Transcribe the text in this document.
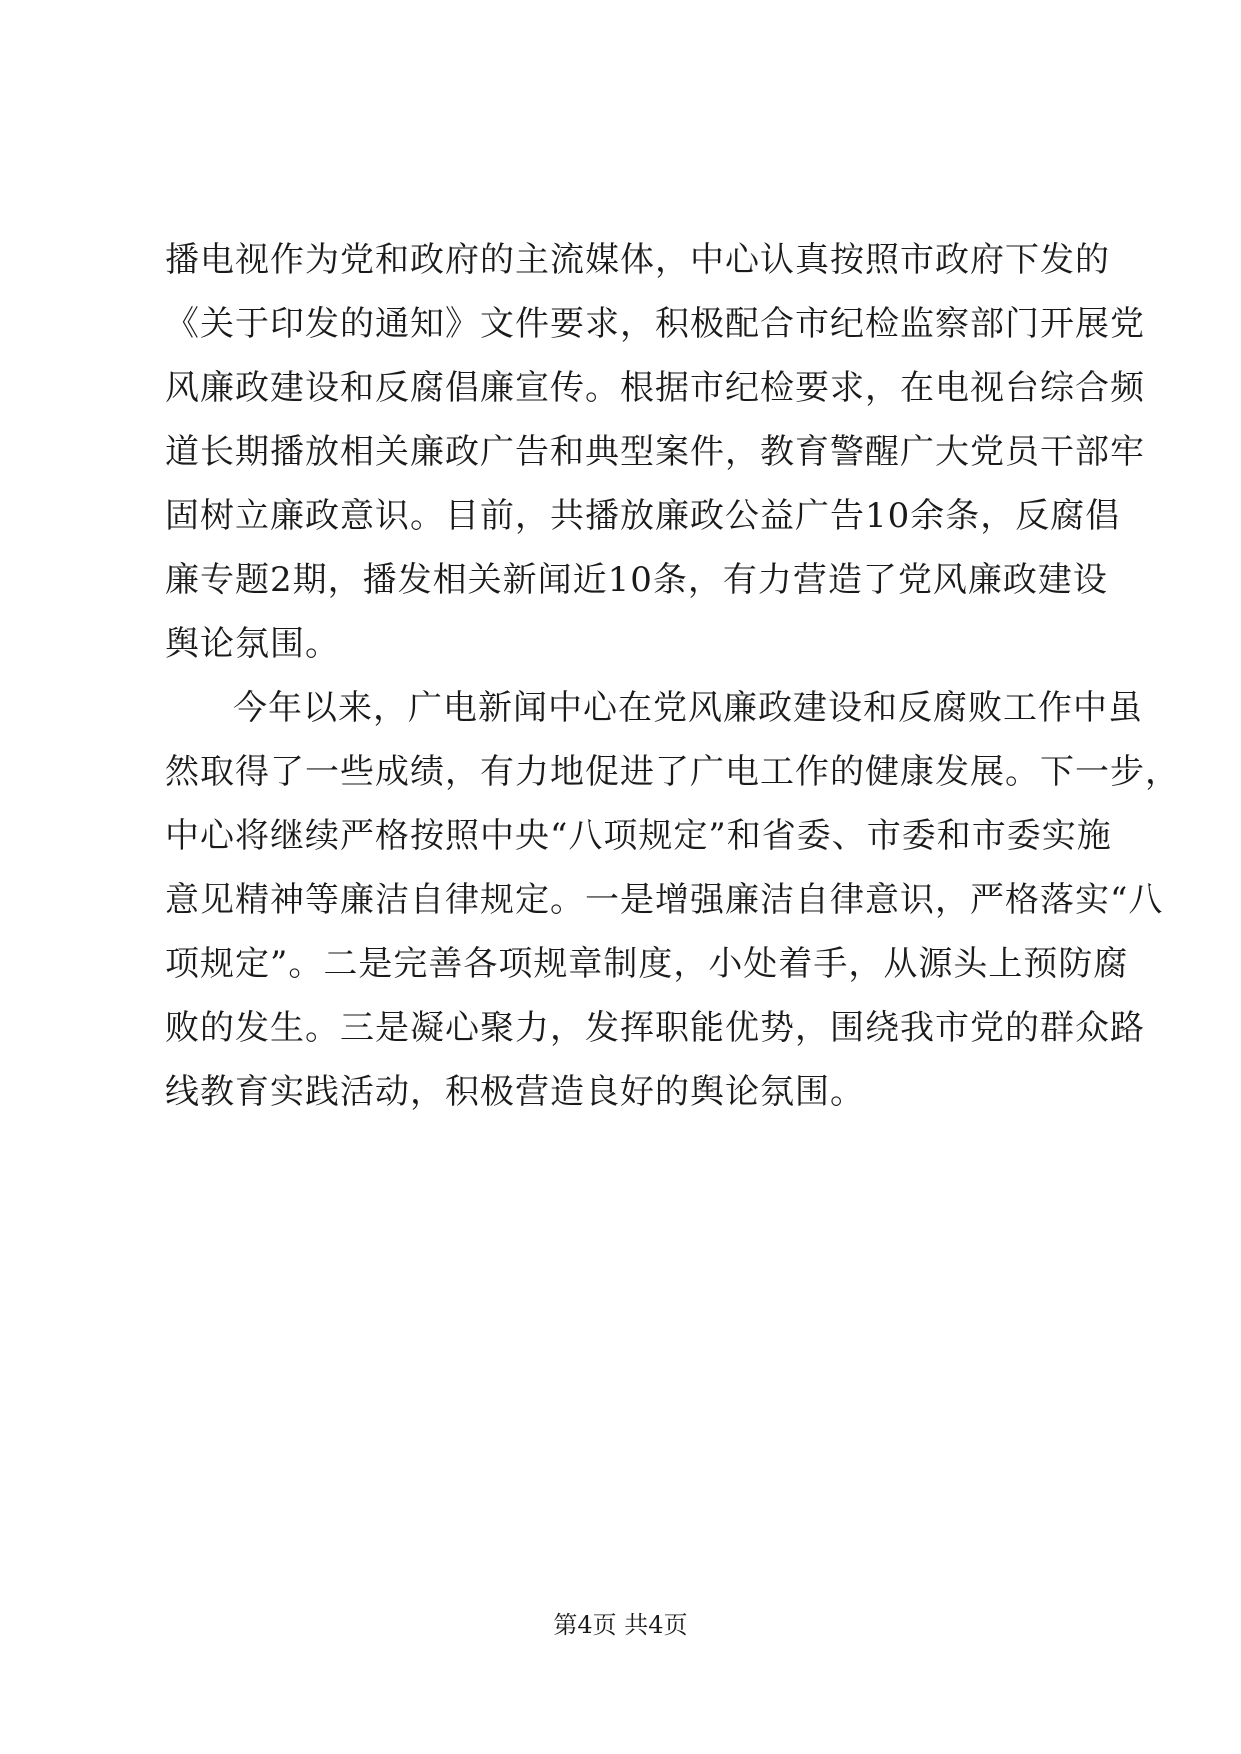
播电视作为党和政府的主流媒体，中心认真按照市政府下发的
《关于印发的通知》文件要求，积极配合市纪检监察部门开展党
风廉政建设和反腐倡廉宣传。根据市纪检要求，在电视台综合频
道长期播放相关廉政广告和典型案件，教育警醒广大党员干部牢
固树立廉政意识。目前，共播放廉政公益广告10余条，反腐倡
廉专题2期，播发相关新闻近10条，有力营造了党风廉政建设
舆论氛围。
今年以来，广电新闻中心在党风廉政建设和反腐败工作中虽
然取得了一些成绩，有力地促进了广电工作的健康发展。下一步，
中心将继续严格按照中央“八项规定”和省委、市委和市委实施
意见精神等廉洁自律规定。一是增强廉洁自律意识，严格落实“八
项规定”。二是完善各项规章制度，小处着手，从源头上预防腐
败的发生。三是凝心聚力，发挥职能优势，围绕我市党的群众路
线教育实践活动，积极营造良好的舆论氛围。
第4页 共4页
